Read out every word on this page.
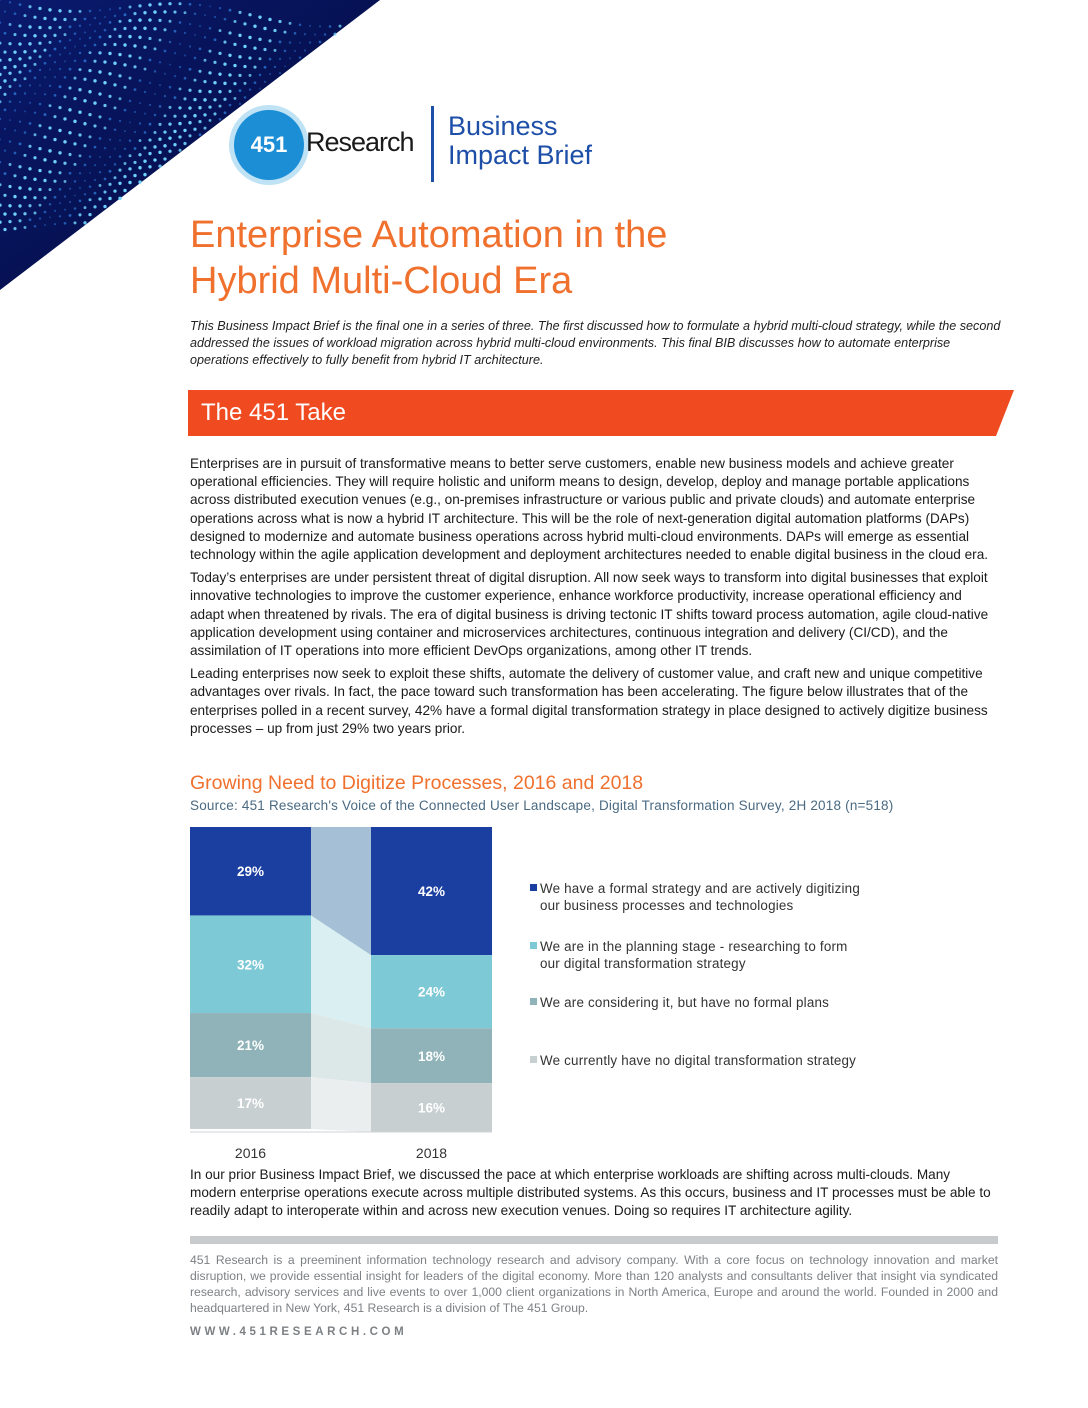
451 Research
Business
Impact Brief
Enterprise Automation in the
Hybrid Multi-Cloud Era

This Business Impact Brief is the final one in a series of three. The first discussed how to formulate a hybrid multi-cloud strategy, while the second addressed the issues of workload migration across hybrid multi-cloud environments. This final BIB discusses how to automate enterprise operations effectively to fully benefit from hybrid IT architecture.

The 451 Take

Enterprises are in pursuit of transformative means to better serve customers, enable new business models and achieve greater operational efficiencies. They will require holistic and uniform means to design, develop, deploy and manage portable applications across distributed execution venues (e.g., on-premises infrastructure or various public and private clouds) and automate enterprise operations across what is now a hybrid IT architecture. This will be the role of next-generation digital automation platforms (DAPs) designed to modernize and automate business operations across hybrid multi-cloud environments. DAPs will emerge as essential technology within the agile application development and deployment architectures needed to enable digital business in the cloud era.

Today’s enterprises are under persistent threat of digital disruption. All now seek ways to transform into digital businesses that exploit innovative technologies to improve the customer experience, enhance workforce productivity, increase operational efficiency and adapt when threatened by rivals. The era of digital business is driving tectonic IT shifts toward process automation, agile cloud-native application development using container and microservices architectures, continuous integration and delivery (CI/CD), and the assimilation of IT operations into more efficient DevOps organizations, among other IT trends.

Leading enterprises now seek to exploit these shifts, automate the delivery of customer value, and craft new and unique competitive advantages over rivals. In fact, the pace toward such transformation has been accelerating. The figure below illustrates that of the enterprises polled in a recent survey, 42% have a formal digital transformation strategy in place designed to actively digitize business processes – up from just 29% two years prior.

Growing Need to Digitize Processes, 2016 and 2018
Source: 451 Research's Voice of the Connected User Landscape, Digital Transformation Survey, 2H 2018 (n=518)
29%
32%
21%
17%
2016
42%
24%
18%
16%
2018
We have a formal strategy and are actively digitizing
our business processes and technologies
We are in the planning stage - researching to form
our digital transformation strategy
We are considering it, but have no formal plans
We currently have no digital transformation strategy

In our prior Business Impact Brief, we discussed the pace at which enterprise workloads are shifting across multi-clouds. Many modern enterprise operations execute across multiple distributed systems. As this occurs, business and IT processes must be able to readily adapt to interoperate within and across new execution venues. Doing so requires IT architecture agility.

451 Research is a preeminent information technology research and advisory company. With a core focus on technology innovation and market disruption, we provide essential insight for leaders of the digital economy. More than 120 analysts and consultants deliver that insight via syndicated research, advisory services and live events to over 1,000 client organizations in North America, Europe and around the world. Founded in 2000 and headquartered in New York, 451 Research is a division of The 451 Group.

WWW.451RESEARCH.COM
